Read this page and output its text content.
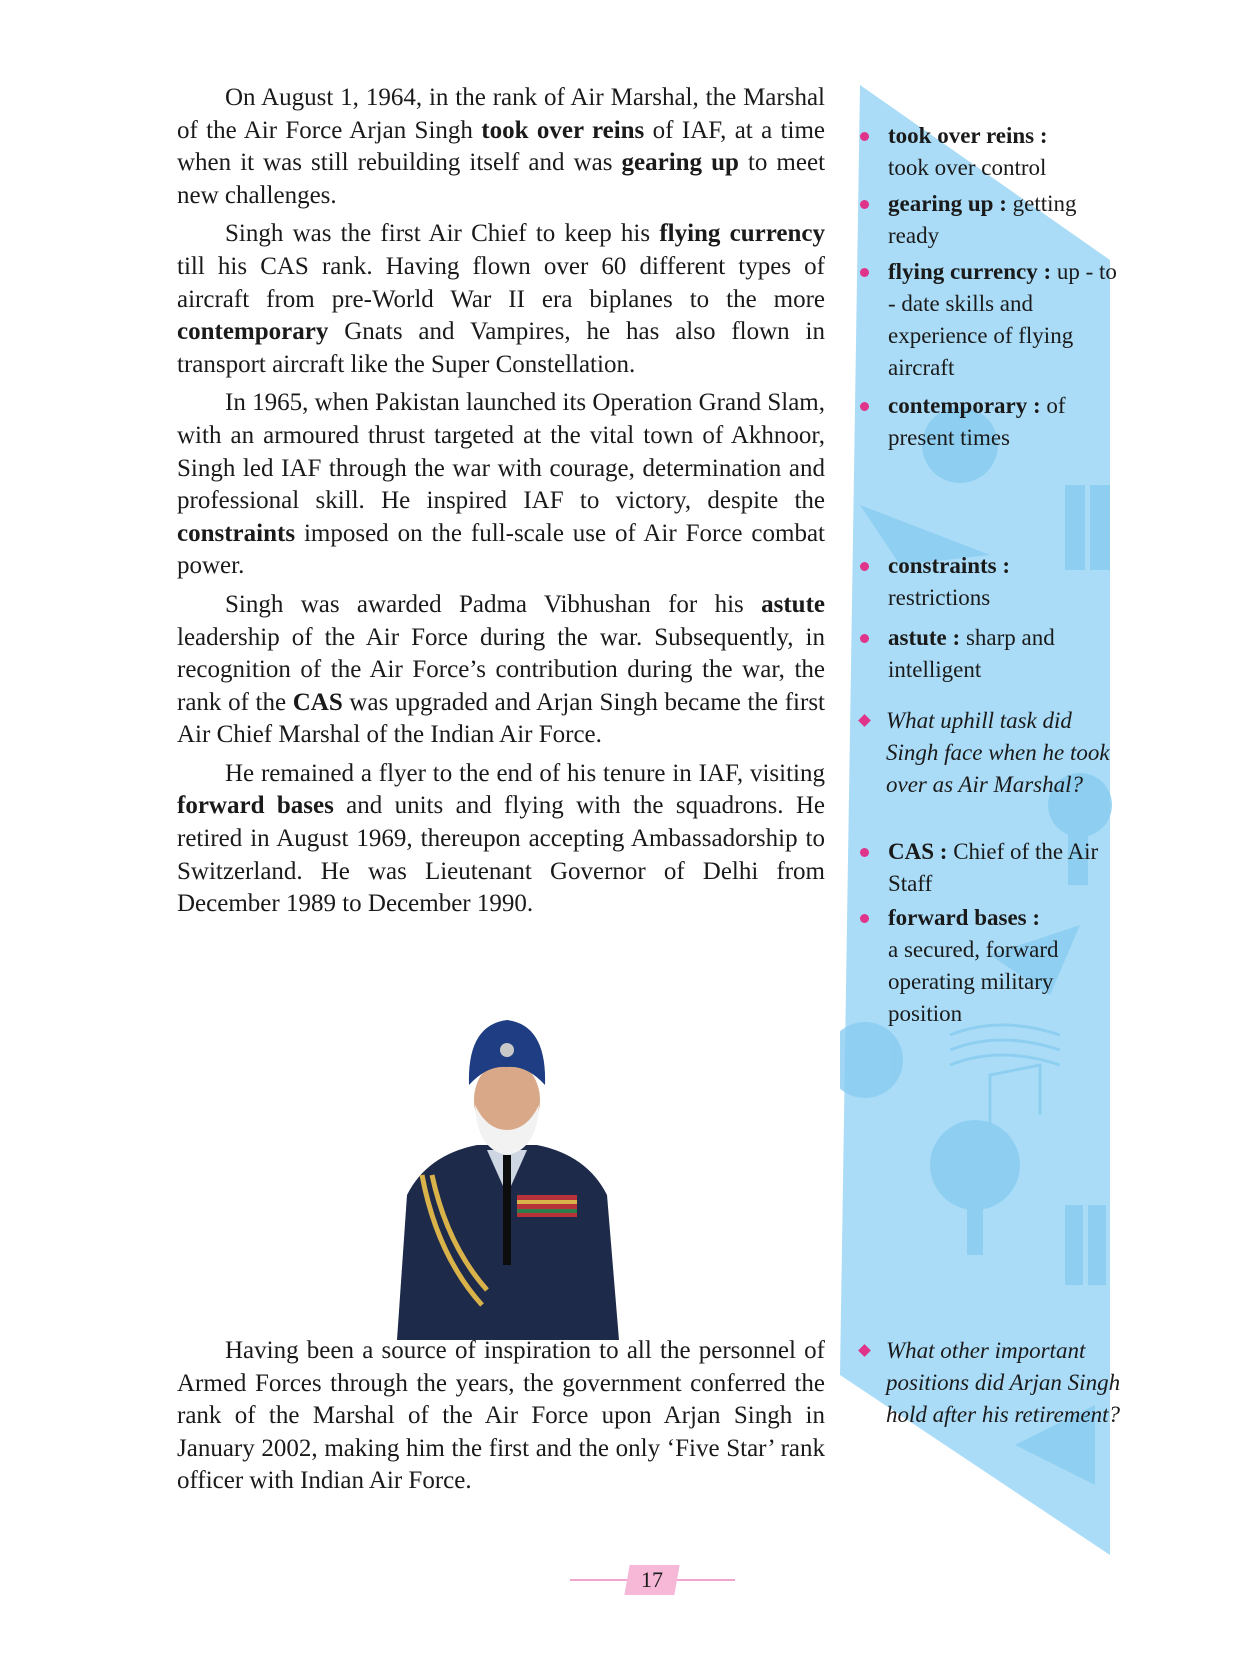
On August 1, 1964, in the rank of Air Marshal, the Marshal of the Air Force Arjan Singh took over reins of IAF, at a time when it was still rebuilding itself and was gearing up to meet new challenges.

Singh was the first Air Chief to keep his flying currency till his CAS rank. Having flown over 60 different types of aircraft from pre-World War II era biplanes to the more contemporary Gnats and Vampires, he has also flown in transport aircraft like the Super Constellation.

In 1965, when Pakistan launched its Operation Grand Slam, with an armoured thrust targeted at the vital town of Akhnoor, Singh led IAF through the war with courage, determination and professional skill. He inspired IAF to victory, despite the constraints imposed on the full-scale use of Air Force combat power.

Singh was awarded Padma Vibhushan for his astute leadership of the Air Force during the war. Subsequently, in recognition of the Air Force’s contribution during the war, the rank of the CAS was upgraded and Arjan Singh became the first Air Chief Marshal of the Indian Air Force.

He remained a flyer to the end of his tenure in IAF, visiting forward bases and units and flying with the squadrons. He retired in August 1969, thereupon accepting Ambassadorship to Switzerland. He was Lieutenant Governor of Delhi from December 1989 to December 1990.

Having been a source of inspiration to all the personnel of Armed Forces through the years, the government conferred the rank of the Marshal of the Air Force upon Arjan Singh in January 2002, making him the first and the only ‘Five Star’ rank officer with Indian Air Force.

took over reins :
took over control
gearing up : getting ready
flying currency : up - to - date skills and experience of flying aircraft
contemporary : of present times
constraints :
restrictions
astute : sharp and intelligent
What uphill task did Singh face when he took over as Air Marshal?
CAS : Chief of the Air Staff
forward bases :
a secured, forward operating military position
What other important positions did Arjan Singh hold after his retirement?
17
